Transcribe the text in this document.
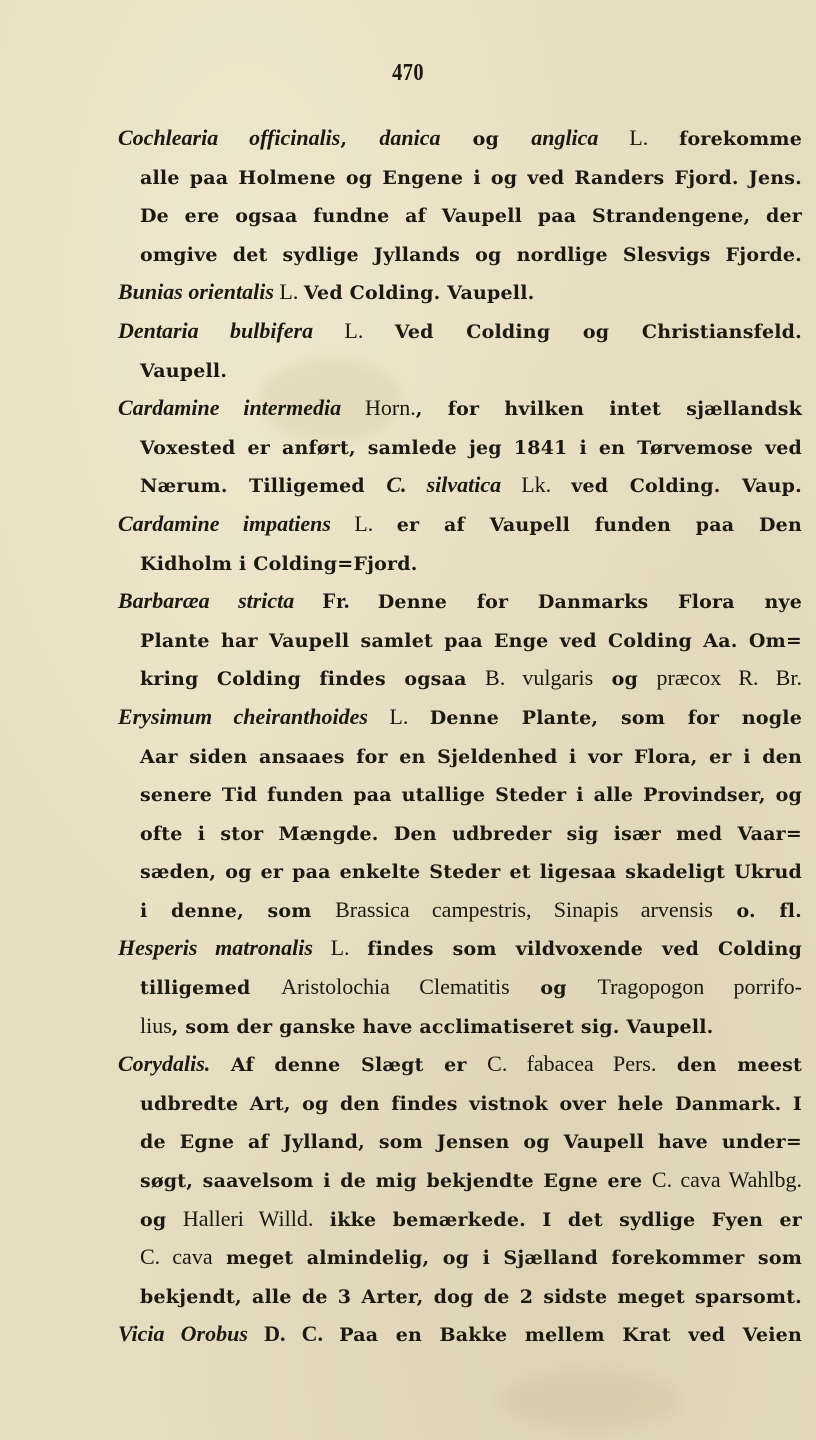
470
Cochlearia officinalis, danica og anglica L. forekomme
alle paa Holmene og Engene i og ved Randers Fjord. Jens.
De ere ogsaa fundne af Vaupell paa Strandengene, der
omgive det sydlige Jyllands og nordlige Slesvigs Fjorde.
Bunias orientalis L. Ved Colding. Vaupell.
Dentaria bulbifera L. Ved Colding og Christiansfeld.
Vaupell.
Cardamine intermedia Horn., for hvilken intet sjællandsk
Voxested er anført, samlede jeg 1841 i en Tørvemose ved
Nærum. Tilligemed C. silvatica Lk. ved Colding. Vaup.
Cardamine impatiens L. er af Vaupell funden paa Den
Kidholm i Colding=Fjord.
Barbaræa stricta Fr. Denne for Danmarks Flora nye
Plante har Vaupell samlet paa Enge ved Colding Aa. Om=
kring Colding findes ogsaa B. vulgaris og præcox R. Br.
Erysimum cheiranthoides L. Denne Plante, som for nogle
Aar siden ansaaes for en Sjeldenhed i vor Flora, er i den
senere Tid funden paa utallige Steder i alle Provindser, og
ofte i stor Mængde. Den udbreder sig især med Vaar=
sæden, og er paa enkelte Steder et ligesaa skadeligt Ukrud
i denne, som Brassica campestris, Sinapis arvensis o. fl.
Hesperis matronalis L. findes som vildvoxende ved Colding
tilligemed Aristolochia Clematitis og Tragopogon porrifo-
lius, som der ganske have acclimatiseret sig. Vaupell.
Corydalis. Af denne Slægt er C. fabacea Pers. den meest
udbredte Art, og den findes vistnok over hele Danmark. I
de Egne af Jylland, som Jensen og Vaupell have under=
søgt, saavelsom i de mig bekjendte Egne ere C. cava Wahlbg.
og Halleri Willd. ikke bemærkede. I det sydlige Fyen er
C. cava meget almindelig, og i Sjælland forekommer som
bekjendt, alle de 3 Arter, dog de 2 sidste meget sparsomt.
Vicia Orobus D. C. Paa en Bakke mellem Krat ved Veien
